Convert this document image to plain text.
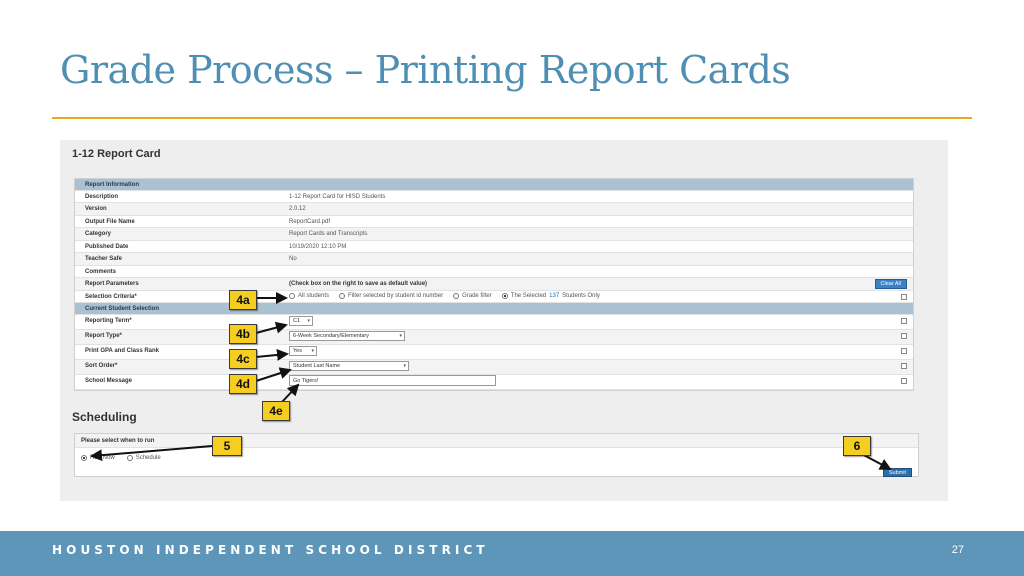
Grade Process – Printing Report Cards
1-12 Report Card
Report Information
Description	1-12 Report Card for HISD Students
Version	2.0.12
Output File Name	ReportCard.pdf
Category	Report Cards and Transcripts
Published Date	10/19/2020 12:10 PM
Teacher Safe	No
Comments
Report Parameters	(Check box on the right to save as default value)	Clear All
Selection Criteria*	All students	Filter selected by student id number	Grade filter	The Selected 137 Students Only
Current Student Selection
Reporting Term*	C1 ▾
Report Type*	6-Week Secondary/Elementary	▾
Print GPA and Class Rank	Yes ▾
Sort Order*	Student Last Name	▾
School Message	Go Tigers!
Scheduling
Please select when to run
Run Now	Schedule
Submit
4a
4b
4c
4d
4e
5	6
HOUSTON INDEPENDENT SCHOOL DISTRICT	27
